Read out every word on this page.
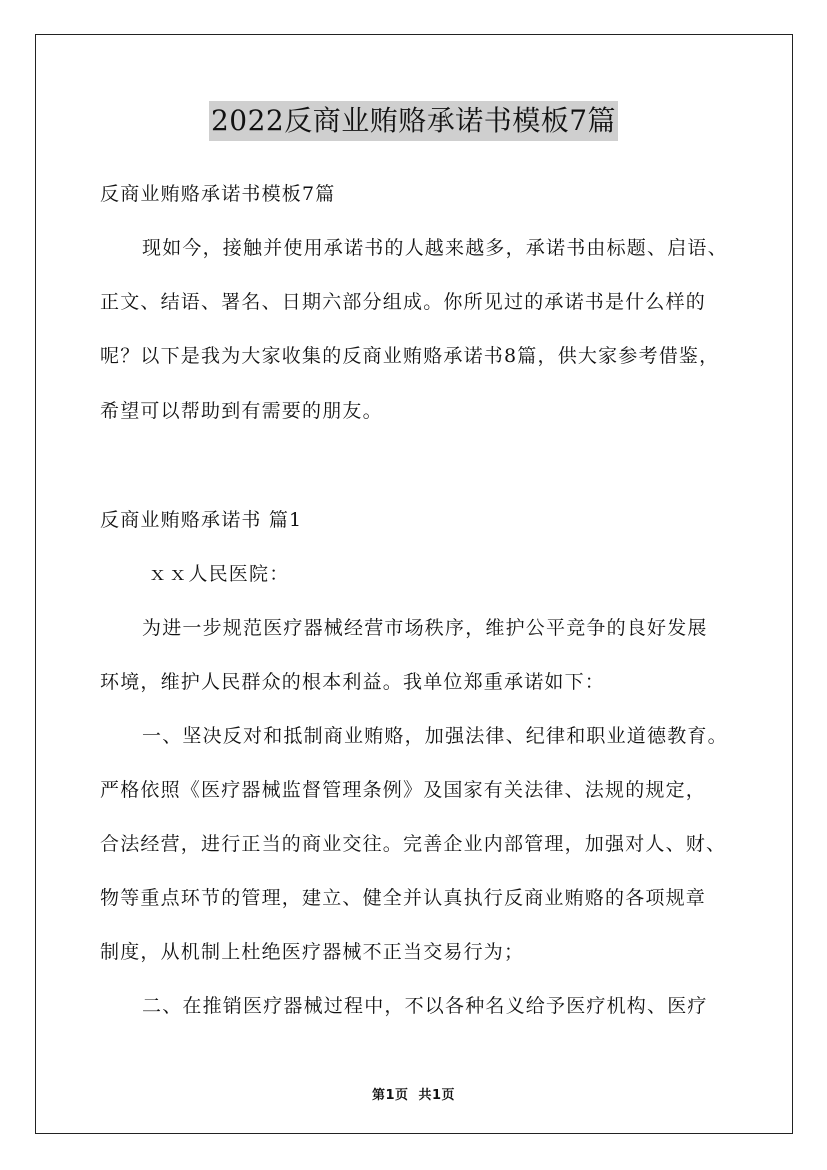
2022反商业贿赂承诺书模板7篇

反商业贿赂承诺书模板7篇

现如今，接触并使用承诺书的人越来越多，承诺书由标题、启语、

正文、结语、署名、日期六部分组成。你所见过的承诺书是什么样的

呢？以下是我为大家收集的反商业贿赂承诺书8篇，供大家参考借鉴，

希望可以帮助到有需要的朋友。

反商业贿赂承诺书 篇1

ｘｘ人民医院：

为进一步规范医疗器械经营市场秩序，维护公平竞争的良好发展

环境，维护人民群众的根本利益。我单位郑重承诺如下：

一、坚决反对和抵制商业贿赂，加强法律、纪律和职业道德教育。

严格依照《医疗器械监督管理条例》及国家有关法律、法规的规定，

合法经营，进行正当的商业交往。完善企业内部管理，加强对人、财、

物等重点环节的管理，建立、健全并认真执行反商业贿赂的各项规章

制度，从机制上杜绝医疗器械不正当交易行为；

二、在推销医疗器械过程中，不以各种名义给予医疗机构、医疗

第1页 共1页
